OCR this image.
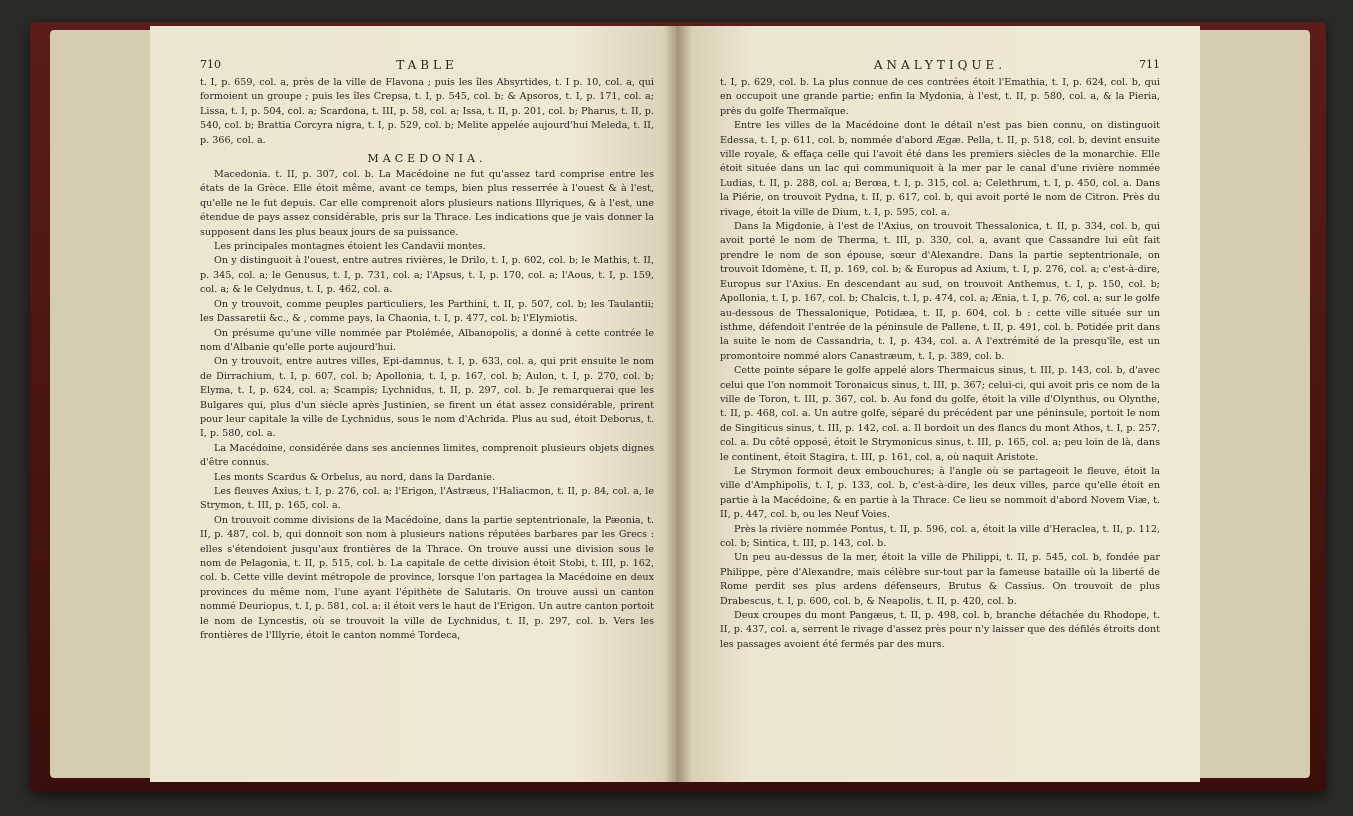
710	TABLE

t. I, p. 659, col. a, près de la ville de Flavona ; puis les îles Absyrtides, t. I p. 10, col. a, qui formoient un groupe ; puis les îles Crepsa, t. I, p. 545, col. b; & Apsoros, t. I, p. 171, col. a; Lissa, t. I, p. 504, col. a; Scardona, t. III, p. 58, col. a; Issa, t. II, p. 201, col. b; Pharus, t. II, p. 540, col. b; Brattia Corcyra nigra, t. I, p. 529, col. b; Melite appelée aujourd'hui Meleda, t. II, p. 366, col. a.

MACEDONIA.

Macedonia. t. II, p. 307, col. b. La Macédoine ne fut qu'assez tard comprise entre les états de la Grèce. Elle étoit même, avant ce temps, bien plus resserrée à l'ouest & à l'est, qu'elle ne le fut depuis. Car elle comprenoit alors plusieurs nations Illyriques, & à l'est, une étendue de pays assez considérable, pris sur la Thrace. Les indications que je vais donner la supposent dans les plus beaux jours de sa puissance.

Les principales montagnes étoient les Candavii montes.

On y distinguoit à l'ouest, entre autres rivières, le Drilo, t. I, p. 602, col. b; le Mathis, t. II, p. 345, col. a; le Genusus, t. I, p. 731, col. a; l'Apsus, t. I, p. 170, col. a; l'Aous, t. I, p. 159, col. a; & le Celydnus, t. I, p. 462, col. a.

On y trouvoit, comme peuples particuliers, les Parthini, t. II, p. 507, col. b; les Taulantii; les Dassaretii &c., & , comme pays, la Chaonia, t. I, p. 477, col. b; l'Elymiotis.

On présume qu'une ville nommée par Ptolémée, Albanopolis, a donné à cette contrée le nom d'Albanie qu'elle porte aujourd'hui.

On y trouvoit, entre autres villes, Epi-damnus, t. I, p. 633, col. a, qui prit ensuite le nom de Dirrachium, t. I, p. 607, col. b; Apollonia, t. I, p. 167, col. b; Aulon, t. I, p. 270, col. b; Elyma, t. I, p. 624, col. a; Scampis; Lychnidus, t. II, p. 297, col. b. Je remarquerai que les Bulgares qui, plus d'un siècle après Justinien, se firent un état assez considérable, prirent pour leur capitale la ville de Lychnidus, sous le nom d'Achrida. Plus au sud, étoit Deborus, t. I, p. 580, col. a.

La Macédoine, considérée dans ses anciennes limites, comprenoit plusieurs objets dignes d'être connus.

Les monts Scardus & Orbelus, au nord, dans la Dardanie.

Les fleuves Axius, t. I, p. 276, col. a; l'Erigon, l'Astræus, l'Haliacmon, t. II, p. 84, col. a, le Strymon, t. III, p. 165, col. a.

On trouvoit comme divisions de la Macédoine, dans la partie septentrionale, la Pæonia, t. II, p. 487, col. b, qui donnoit son nom à plusieurs nations réputées barbares par les Grecs : elles s'étendoient jusqu'aux frontières de la Thrace. On trouve aussi une division sous le nom de Pelagonia, t. II, p. 515, col. b. La capitale de cette division étoit Stobi, t. III, p. 162, col. b. Cette ville devint métropole de province, lorsque l'on partagea la Macédoine en deux provinces du même nom, l'une ayant l'épithète de Salutaris. On trouve aussi un canton nommé Deuriopus, t. I, p. 581, col. a: il étoit vers le haut de l'Erigon. Un autre canton portoit le nom de Lyncestis, où se trouvoit la ville de Lychnidus, t. II, p. 297, col. b. Vers les frontières de l'Illyrie, étoit le canton nommé Tordeca,

ANALYTIQUE.	711

t. I, p. 629, col. b. La plus connue de ces contrées étoit l'Emathia, t. I, p. 624, col. b, qui en occupoit une grande partie; enfin la Mydonia, à l'est, t. II, p. 580, col. a, & la Pieria, près du golfe Thermaïque.

Entre les villes de la Macédoine dont le détail n'est pas bien connu, on distinguoit Edessa, t. I, p. 611, col. b, nommée d'abord Ægæ. Pella, t. II, p. 518, col. b, devint ensuite ville royale, & effaça celle qui l'avoit été dans les premiers siècles de la monarchie. Elle étoit située dans un lac qui communiquoit à la mer par le canal d'une rivière nommée Ludias, t. II, p. 288, col. a; Berœa, t. I, p. 315, col. a; Celethrum, t. I, p. 450, col. a. Dans la Piérie, on trouvoit Pydna, t. II, p. 617, col. b, qui avoit porté le nom de Citron. Près du rivage, étoit la ville de Dium, t. I, p. 595, col. a.

Dans la Migdonie, à l'est de l'Axius, on trouvoit Thessalonica, t. II, p. 334, col. b, qui avoit porté le nom de Therma, t. III, p. 330, col. a, avant que Cassandre lui eût fait prendre le nom de son épouse, sœur d'Alexandre. Dans la partie septentrionale, on trouvoit Idomène, t. II, p. 169, col. b; & Europus ad Axium, t. I, p. 276, col. a; c'est-à-dire, Europus sur l'Axius. En descendant au sud, on trouvoit Anthemus, t. I, p. 150, col. b; Apollonia, t. I, p. 167, col. b; Chalcis, t. I, p. 474, col. a; Ænia, t. I, p. 76, col. a; sur le golfe au-dessous de Thessalonique, Potidæa, t. II, p. 604, col. b : cette ville située sur un isthme, défendoit l'entrée de la péninsule de Pallene, t. II, p. 491, col. b. Potidée prit dans la suite le nom de Cassandria, t. I, p. 434, col. a. A l'extrémité de la presqu'île, est un promontoire nommé alors Canastræum, t. I, p. 389, col. b.

Cette pointe sépare le golfe appelé alors Thermaicus sinus, t. III, p. 143, col. b, d'avec celui que l'on nommoit Toronaicus sinus, t. III, p. 367; celui-ci, qui avoit pris ce nom de la ville de Toron, t. III, p. 367, col. b. Au fond du golfe, étoit la ville d'Olynthus, ou Olynthe, t. II, p. 468, col. a. Un autre golfe, séparé du précédent par une péninsule, portoit le nom de Singiticus sinus, t. III, p. 142, col. a. Il bordoit un des flancs du mont Athos, t. I, p. 257, col. a. Du côté opposé, étoit le Strymonicus sinus, t. III, p. 165, col. a; peu loin de là, dans le continent, étoit Stagira, t. III, p. 161, col. a, où naquit Aristote.

Le Strymon formoit deux embouchures; à l'angle où se partageoit le fleuve, étoit la ville d'Amphipolis, t. I, p. 133, col. b, c'est-à-dire, les deux villes, parce qu'elle étoit en partie à la Macédoine, & en partie à la Thrace. Ce lieu se nommoit d'abord Novem Viæ, t. II, p. 447, col. b, ou les Neuf Voies.

Près la rivière nommée Pontus, t. II, p. 596, col. a, étoit la ville d'Heraclea, t. II, p. 112, col. b; Sintica, t. III, p. 143, col. b.

Un peu au-dessus de la mer, étoit la ville de Philippi, t. II, p. 545, col. b, fondée par Philippe, père d'Alexandre, mais célèbre sur-tout par la fameuse bataille où la liberté de Rome perdit ses plus ardens défenseurs, Brutus & Cassius. On trouvoit de plus Drabescus, t. I, p. 600, col. b, & Neapolis, t. II, p. 420, col. b.

Deux croupes du mont Pangæus, t. II, p. 498, col. b, branche détachée du Rhodope, t. II, p. 437, col. a, serrent le rivage d'assez près pour n'y laisser que des défilés étroits dont les passages avoient été fermés par des murs.
